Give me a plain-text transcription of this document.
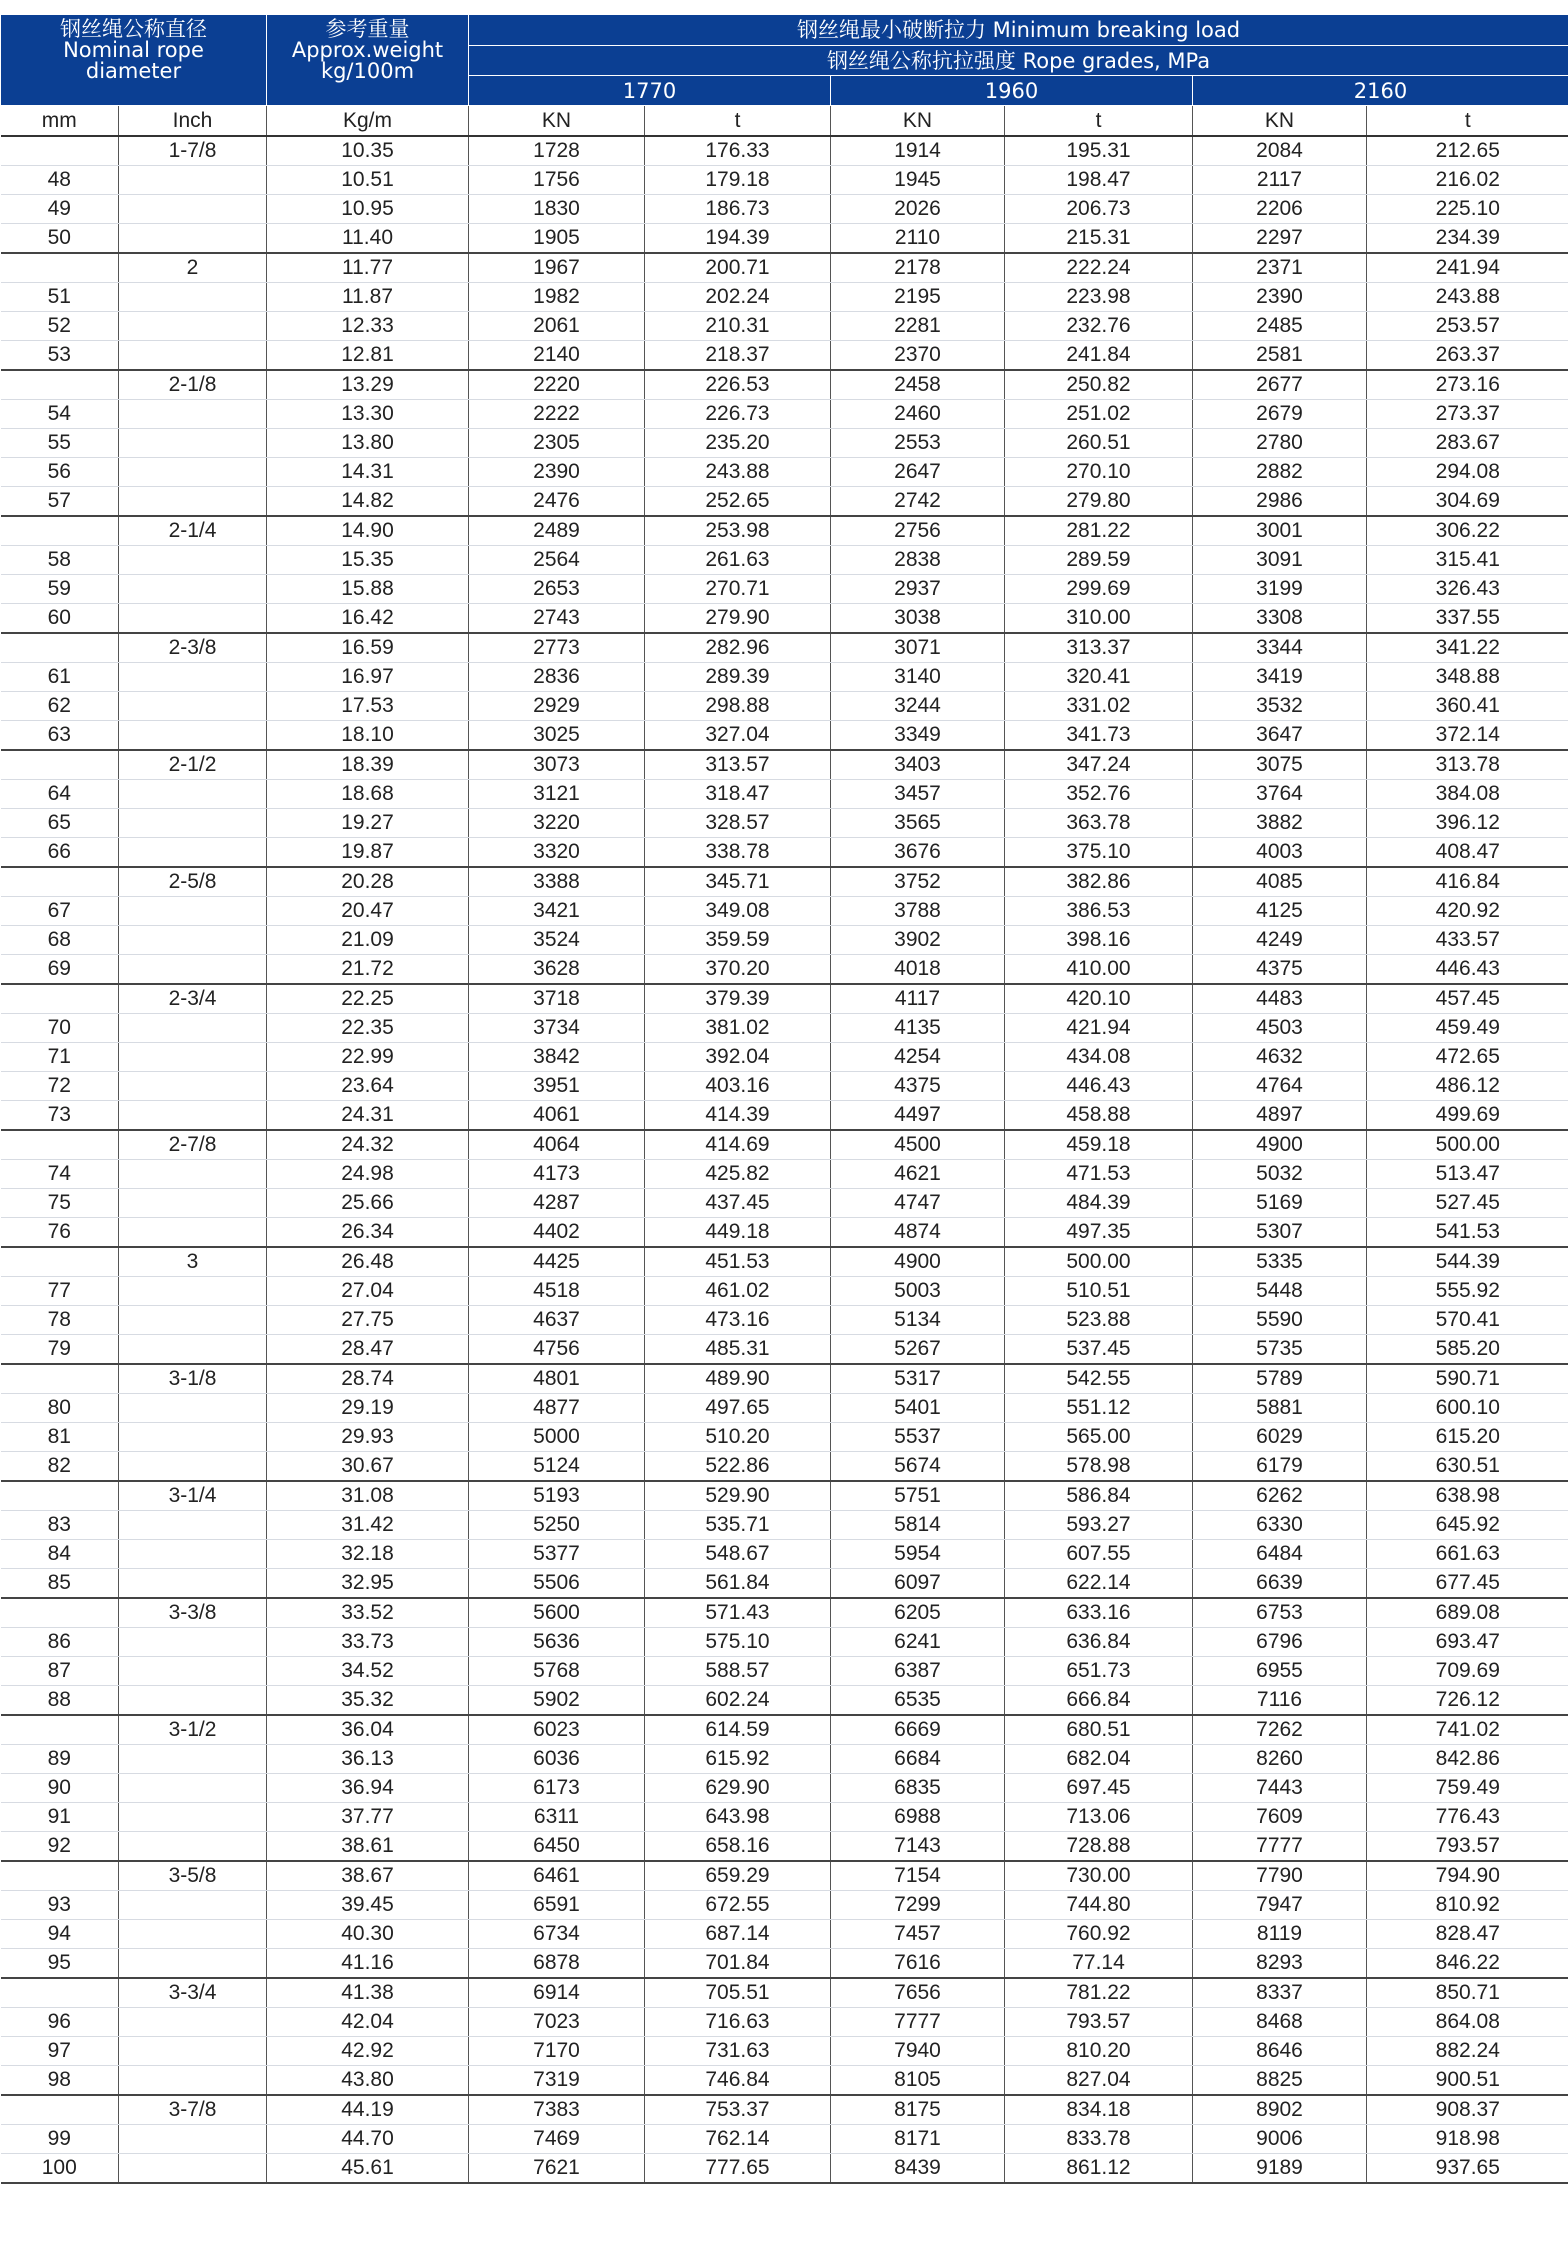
钢丝绳公称直径
Nominal rope
diameter		参考重量
Approx.weight
kg/100m	钢丝绳最小破断拉力 Minimum breaking load					
			钢丝绳公称抗拉强度 Rope grades, MPa					
			1770		1960		2160	
mm	Inch	Kg/m	KN	t	KN	t	KN	t
	1-7/8	10.35	1728	176.33	1914	195.31	2084	212.65
48		10.51	1756	179.18	1945	198.47	2117	216.02
49		10.95	1830	186.73	2026	206.73	2206	225.10
50		11.40	1905	194.39	2110	215.31	2297	234.39
	2	11.77	1967	200.71	2178	222.24	2371	241.94
51		11.87	1982	202.24	2195	223.98	2390	243.88
52		12.33	2061	210.31	2281	232.76	2485	253.57
53		12.81	2140	218.37	2370	241.84	2581	263.37
	2-1/8	13.29	2220	226.53	2458	250.82	2677	273.16
54		13.30	2222	226.73	2460	251.02	2679	273.37
55		13.80	2305	235.20	2553	260.51	2780	283.67
56		14.31	2390	243.88	2647	270.10	2882	294.08
57		14.82	2476	252.65	2742	279.80	2986	304.69
	2-1/4	14.90	2489	253.98	2756	281.22	3001	306.22
58		15.35	2564	261.63	2838	289.59	3091	315.41
59		15.88	2653	270.71	2937	299.69	3199	326.43
60		16.42	2743	279.90	3038	310.00	3308	337.55
	2-3/8	16.59	2773	282.96	3071	313.37	3344	341.22
61		16.97	2836	289.39	3140	320.41	3419	348.88
62		17.53	2929	298.88	3244	331.02	3532	360.41
63		18.10	3025	327.04	3349	341.73	3647	372.14
	2-1/2	18.39	3073	313.57	3403	347.24	3075	313.78
64		18.68	3121	318.47	3457	352.76	3764	384.08
65		19.27	3220	328.57	3565	363.78	3882	396.12
66		19.87	3320	338.78	3676	375.10	4003	408.47
	2-5/8	20.28	3388	345.71	3752	382.86	4085	416.84
67		20.47	3421	349.08	3788	386.53	4125	420.92
68		21.09	3524	359.59	3902	398.16	4249	433.57
69		21.72	3628	370.20	4018	410.00	4375	446.43
	2-3/4	22.25	3718	379.39	4117	420.10	4483	457.45
70		22.35	3734	381.02	4135	421.94	4503	459.49
71		22.99	3842	392.04	4254	434.08	4632	472.65
72		23.64	3951	403.16	4375	446.43	4764	486.12
73		24.31	4061	414.39	4497	458.88	4897	499.69
	2-7/8	24.32	4064	414.69	4500	459.18	4900	500.00
74		24.98	4173	425.82	4621	471.53	5032	513.47
75		25.66	4287	437.45	4747	484.39	5169	527.45
76		26.34	4402	449.18	4874	497.35	5307	541.53
	3	26.48	4425	451.53	4900	500.00	5335	544.39
77		27.04	4518	461.02	5003	510.51	5448	555.92
78		27.75	4637	473.16	5134	523.88	5590	570.41
79		28.47	4756	485.31	5267	537.45	5735	585.20
	3-1/8	28.74	4801	489.90	5317	542.55	5789	590.71
80		29.19	4877	497.65	5401	551.12	5881	600.10
81		29.93	5000	510.20	5537	565.00	6029	615.20
82		30.67	5124	522.86	5674	578.98	6179	630.51
	3-1/4	31.08	5193	529.90	5751	586.84	6262	638.98
83		31.42	5250	535.71	5814	593.27	6330	645.92
84		32.18	5377	548.67	5954	607.55	6484	661.63
85		32.95	5506	561.84	6097	622.14	6639	677.45
	3-3/8	33.52	5600	571.43	6205	633.16	6753	689.08
86		33.73	5636	575.10	6241	636.84	6796	693.47
87		34.52	5768	588.57	6387	651.73	6955	709.69
88		35.32	5902	602.24	6535	666.84	7116	726.12
	3-1/2	36.04	6023	614.59	6669	680.51	7262	741.02
89		36.13	6036	615.92	6684	682.04	8260	842.86
90		36.94	6173	629.90	6835	697.45	7443	759.49
91		37.77	6311	643.98	6988	713.06	7609	776.43
92		38.61	6450	658.16	7143	728.88	7777	793.57
	3-5/8	38.67	6461	659.29	7154	730.00	7790	794.90
93		39.45	6591	672.55	7299	744.80	7947	810.92
94		40.30	6734	687.14	7457	760.92	8119	828.47
95		41.16	6878	701.84	7616	77.14	8293	846.22
	3-3/4	41.38	6914	705.51	7656	781.22	8337	850.71
96		42.04	7023	716.63	7777	793.57	8468	864.08
97		42.92	7170	731.63	7940	810.20	8646	882.24
98		43.80	7319	746.84	8105	827.04	8825	900.51
	3-7/8	44.19	7383	753.37	8175	834.18	8902	908.37
99		44.70	7469	762.14	8171	833.78	9006	918.98
100		45.61	7621	777.65	8439	861.12	9189	937.65
